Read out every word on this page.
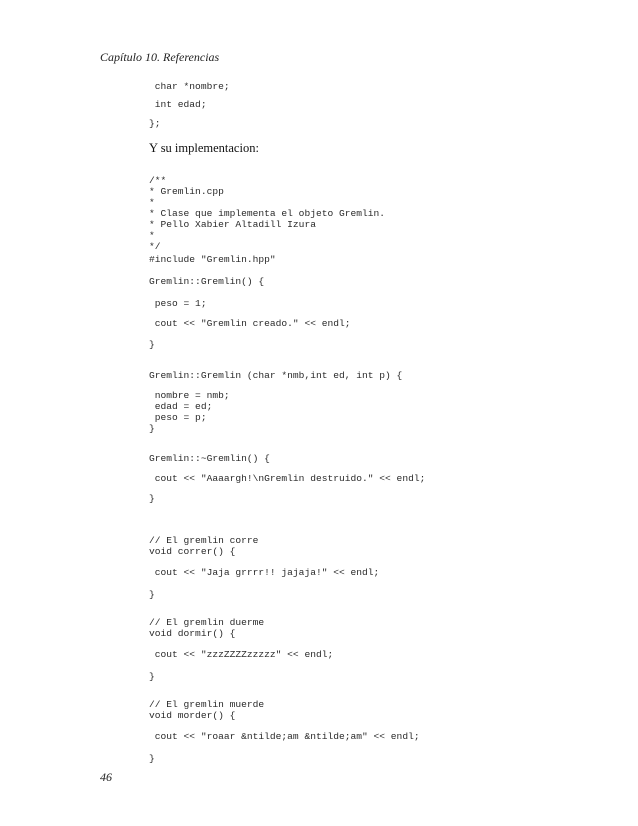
Capítulo 10. Referencias
char *nombre;
int edad;
};
Y su implementacion:
/**
* Gremlin.cpp
*
* Clase que implementa el objeto Gremlin.
* Pello Xabier Altadill Izura
*
*/
#include "Gremlin.hpp"
Gremlin::Gremlin() {
peso = 1;
cout << "Gremlin creado." << endl;
}
Gremlin::Gremlin (char *nmb,int ed, int p) {
nombre = nmb;
edad = ed;
peso = p;
}
Gremlin::~Gremlin() {
cout << "Aaaargh!\nGremlin destruido." << endl;
}
// El gremlin corre
void correr() {
cout << "Jaja grrrr!! jajaja!" << endl;
}
// El gremlin duerme
void dormir() {
cout << "zzzZZZZzzzzz" << endl;
}
// El gremlin muerde
void morder() {
cout << "roaar &ntilde;am &ntilde;am" << endl;
}
46
